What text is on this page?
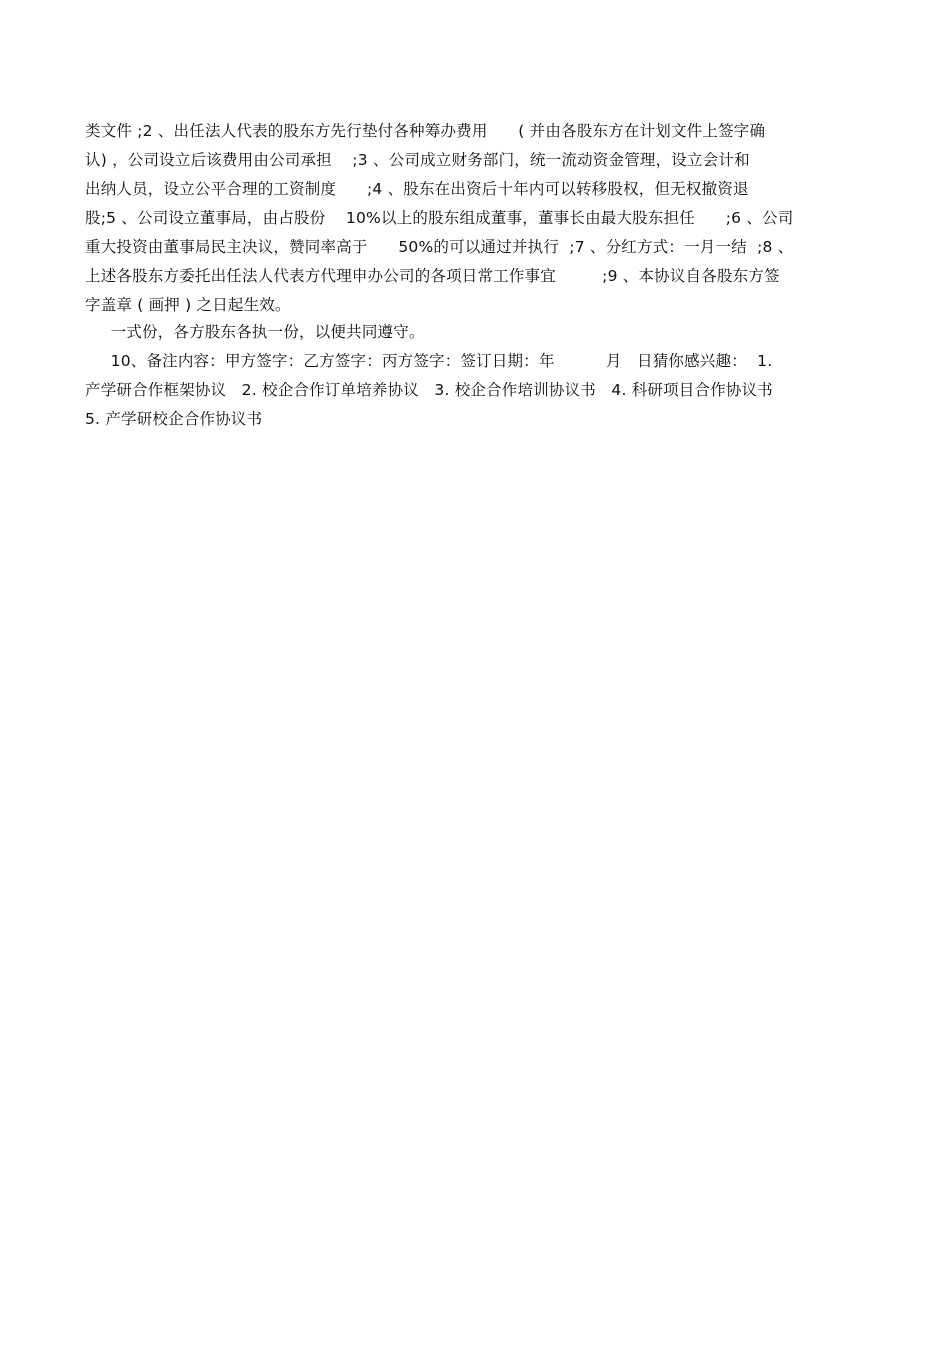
类文件 ;2 、出任法人代表的股东方先行垫付各种筹办费用      ( 并由各股东方在计划文件上签字确
认) ，公司设立后该费用由公司承担    ;3 、公司成立财务部门，统一流动资金管理，设立会计和
出纳人员，设立公平合理的工资制度      ;4 、股东在出资后十年内可以转移股权，但无权撤资退
股;5 、公司设立董事局，由占股份    10%以上的股东组成董事，董事长由最大股东担任      ;6 、公司
重大投资由董事局民主决议，赞同率高于      50%的可以通过并执行  ;7 、分红方式：一月一结  ;8 、
上述各股东方委托出任法人代表方代理申办公司的各项日常工作事宜         ;9 、本协议自各股东方签
字盖章 ( 画押 ) 之日起生效。
一式份，各方股东各执一份，以便共同遵守。
10、备注内容：甲方签字：乙方签字：丙方签字：签订日期：年          月   日猜你感兴趣：  1.
产学研合作框架协议   2. 校企合作订单培养协议   3. 校企合作培训协议书   4. 科研项目合作协议书
5. 产学研校企合作协议书
